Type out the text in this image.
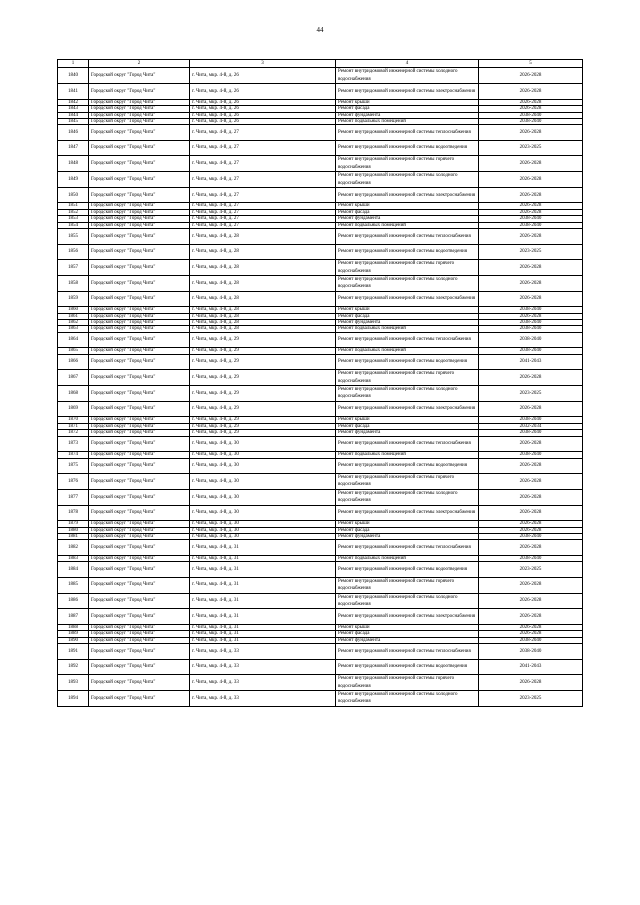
44
1	2	3	4	5
1840	Городской округ "Город Чита"	г. Чита, мкр. 4-й, д. 26	Ремонт внутридомовой инженерной системы холодного водоснабжения	2026-2028
1841	Городской округ "Город Чита"	г. Чита, мкр. 4-й, д. 26	Ремонт внутридомовой инженерной системы электроснабжения	2026-2028
1842	Городской округ "Город Чита"	г. Чита, мкр. 4-й, д. 26	Ремонт крыши	2026-2028
1843	Городской округ "Город Чита"	г. Чита, мкр. 4-й, д. 26	Ремонт фасада	2026-2028
1844	Городской округ "Город Чита"	г. Чита, мкр. 4-й, д. 26	Ремонт фундамента	2038-2040
1845	Городской округ "Город Чита"	г. Чита, мкр. 4-й, д. 26	Ремонт подвальных помещений	2038-2040
1846	Городской округ "Город Чита"	г. Чита, мкр. 4-й, д. 27	Ремонт внутридомовой инженерной системы теплоснабжения	2026-2028
1847	Городской округ "Город Чита"	г. Чита, мкр. 4-й, д. 27	Ремонт внутридомовой инженерной системы водоотведения	2023-2025
1848	Городской округ "Город Чита"	г. Чита, мкр. 4-й, д. 27	Ремонт внутридомовой инженерной системы горячего водоснабжения	2026-2028
1849	Городской округ "Город Чита"	г. Чита, мкр. 4-й, д. 27	Ремонт внутридомовой инженерной системы холодного водоснабжения	2026-2028
1850	Городской округ "Город Чита"	г. Чита, мкр. 4-й, д. 27	Ремонт внутридомовой инженерной системы электроснабжения	2026-2028
1851	Городской округ "Город Чита"	г. Чита, мкр. 4-й, д. 27	Ремонт крыши	2026-2028
1852	Городской округ "Город Чита"	г. Чита, мкр. 4-й, д. 27	Ремонт фасада	2026-2028
1853	Городской округ "Город Чита"	г. Чита, мкр. 4-й, д. 27	Ремонт фундамента	2038-2040
1854	Городской округ "Город Чита"	г. Чита, мкр. 4-й, д. 27	Ремонт подвальных помещений	2038-2040
1855	Городской округ "Город Чита"	г. Чита, мкр. 4-й, д. 28	Ремонт внутридомовой инженерной системы теплоснабжения	2026-2028
1856	Городской округ "Город Чита"	г. Чита, мкр. 4-й, д. 28	Ремонт внутридомовой инженерной системы водоотведения	2023-2025
1857	Городской округ "Город Чита"	г. Чита, мкр. 4-й, д. 28	Ремонт внутридомовой инженерной системы горячего водоснабжения	2026-2028
1858	Городской округ "Город Чита"	г. Чита, мкр. 4-й, д. 28	Ремонт внутридомовой инженерной системы холодного водоснабжения	2026-2028
1859	Городской округ "Город Чита"	г. Чита, мкр. 4-й, д. 28	Ремонт внутридомовой инженерной системы электроснабжения	2026-2028
1860	Городской округ "Город Чита"	г. Чита, мкр. 4-й, д. 28	Ремонт крыши	2038-2040
1861	Городской округ "Город Чита"	г. Чита, мкр. 4-й, д. 28	Ремонт фасада	2026-2028
1862	Городской округ "Город Чита"	г. Чита, мкр. 4-й, д. 28	Ремонт фундамента	2038-2040
1863	Городской округ "Город Чита"	г. Чита, мкр. 4-й, д. 28	Ремонт подвальных помещений	2038-2040
1864	Городской округ "Город Чита"	г. Чита, мкр. 4-й, д. 29	Ремонт внутридомовой инженерной системы теплоснабжения	2038-2040
1865	Городской округ "Город Чита"	г. Чита, мкр. 4-й, д. 29	Ремонт подвальных помещений	2038-2040
1866	Городской округ "Город Чита"	г. Чита, мкр. 4-й, д. 29	Ремонт внутридомовой инженерной системы водоотведения	2041-2043
1867	Городской округ "Город Чита"	г. Чита, мкр. 4-й, д. 29	Ремонт внутридомовой инженерной системы горячего водоснабжения	2026-2028
1868	Городской округ "Город Чита"	г. Чита, мкр. 4-й, д. 29	Ремонт внутридомовой инженерной системы холодного водоснабжения	2023-2025
1869	Городской округ "Город Чита"	г. Чита, мкр. 4-й, д. 29	Ремонт внутридомовой инженерной системы электроснабжения	2026-2028
1870	Городской округ "Город Чита"	г. Чита, мкр. 4-й, д. 29	Ремонт крыши	2038-2040
1871	Городской округ "Город Чита"	г. Чита, мкр. 4-й, д. 29	Ремонт фасада	2032-2034
1872	Городской округ "Город Чита"	г. Чита, мкр. 4-й, д. 29	Ремонт фундамента	2038-2040
1873	Городской округ "Город Чита"	г. Чита, мкр. 4-й, д. 30	Ремонт внутридомовой инженерной системы теплоснабжения	2026-2028
1874	Городской округ "Город Чита"	г. Чита, мкр. 4-й, д. 30	Ремонт подвальных помещений	2038-2040
1875	Городской округ "Город Чита"	г. Чита, мкр. 4-й, д. 30	Ремонт внутридомовой инженерной системы водоотведения	2026-2028
1876	Городской округ "Город Чита"	г. Чита, мкр. 4-й, д. 30	Ремонт внутридомовой инженерной системы горячего водоснабжения	2026-2028
1877	Городской округ "Город Чита"	г. Чита, мкр. 4-й, д. 30	Ремонт внутридомовой инженерной системы холодного водоснабжения	2026-2028
1878	Городской округ "Город Чита"	г. Чита, мкр. 4-й, д. 30	Ремонт внутридомовой инженерной системы электроснабжения	2026-2028
1879	Городской округ "Город Чита"	г. Чита, мкр. 4-й, д. 30	Ремонт крыши	2026-2028
1880	Городской округ "Город Чита"	г. Чита, мкр. 4-й, д. 30	Ремонт фасада	2026-2028
1881	Городской округ "Город Чита"	г. Чита, мкр. 4-й, д. 30	Ремонт фундамента	2038-2040
1882	Городской округ "Город Чита"	г. Чита, мкр. 4-й, д. 31	Ремонт внутридомовой инженерной системы теплоснабжения	2026-2028
1883	Городской округ "Город Чита"	г. Чита, мкр. 4-й, д. 31	Ремонт подвальных помещений	2038-2040
1884	Городской округ "Город Чита"	г. Чита, мкр. 4-й, д. 31	Ремонт внутридомовой инженерной системы водоотведения	2023-2025
1885	Городской округ "Город Чита"	г. Чита, мкр. 4-й, д. 31	Ремонт внутридомовой инженерной системы горячего водоснабжения	2026-2028
1886	Городской округ "Город Чита"	г. Чита, мкр. 4-й, д. 31	Ремонт внутридомовой инженерной системы холодного водоснабжения	2026-2028
1887	Городской округ "Город Чита"	г. Чита, мкр. 4-й, д. 31	Ремонт внутридомовой инженерной системы электроснабжения	2026-2028
1888	Городской округ "Город Чита"	г. Чита, мкр. 4-й, д. 31	Ремонт крыши	2026-2028
1889	Городской округ "Город Чита"	г. Чита, мкр. 4-й, д. 31	Ремонт фасада	2026-2028
1890	Городской округ "Город Чита"	г. Чита, мкр. 4-й, д. 31	Ремонт фундамента	2038-2040
1891	Городской округ "Город Чита"	г. Чита, мкр. 4-й, д. 33	Ремонт внутридомовой инженерной системы теплоснабжения	2038-2040
1892	Городской округ "Город Чита"	г. Чита, мкр. 4-й, д. 33	Ремонт внутридомовой инженерной системы водоотведения	2041-2043
1893	Городской округ "Город Чита"	г. Чита, мкр. 4-й, д. 33	Ремонт внутридомовой инженерной системы горячего водоснабжения	2026-2028
1894	Городской округ "Город Чита"	г. Чита, мкр. 4-й, д. 33	Ремонт внутридомовой инженерной системы холодного водоснабжения	2023-2025
